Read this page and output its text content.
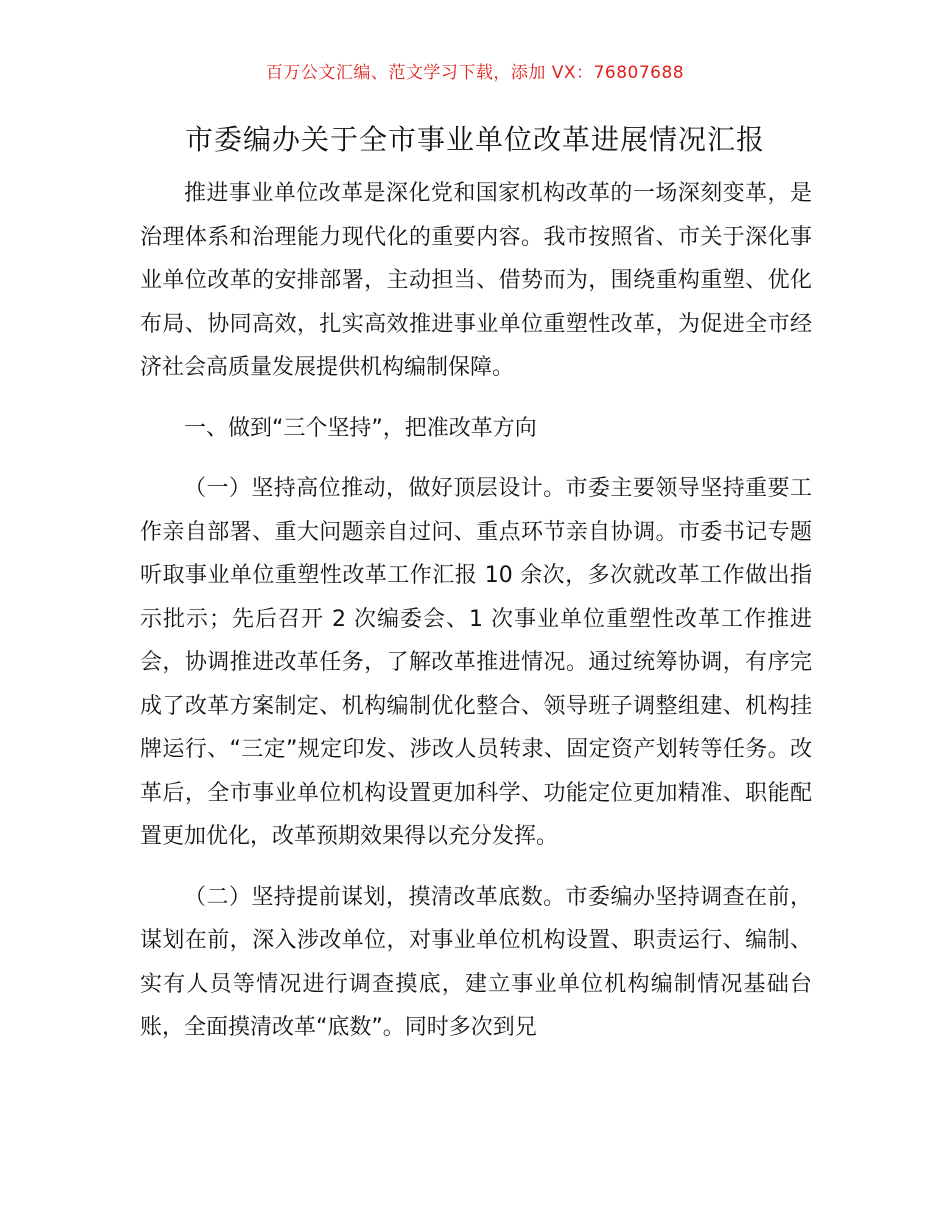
百万公文汇编、范文学习下载，添加 VX：76807688
市委编办关于全市事业单位改革进展情况汇报

推进事业单位改革是深化党和国家机构改革的一场深刻变革，是治理体系和治理能力现代化的重要内容。我市按照省、市关于深化事业单位改革的安排部署，主动担当、借势而为，围绕重构重塑、优化布局、协同高效，扎实高效推进事业单位重塑性改革，为促进全市经济社会高质量发展提供机构编制保障。

一、做到“三个坚持”，把准改革方向

（一）坚持高位推动，做好顶层设计。市委主要领导坚持重要工作亲自部署、重大问题亲自过问、重点环节亲自协调。市委书记专题听取事业单位重塑性改革工作汇报 10 余次，多次就改革工作做出指示批示；先后召开 2 次编委会、1 次事业单位重塑性改革工作推进会，协调推进改革任务，了解改革推进情况。通过统筹协调，有序完成了改革方案制定、机构编制优化整合、领导班子调整组建、机构挂牌运行、“三定”规定印发、涉改人员转隶、固定资产划转等任务。改革后，全市事业单位机构设置更加科学、功能定位更加精准、职能配置更加优化，改革预期效果得以充分发挥。

（二）坚持提前谋划，摸清改革底数。市委编办坚持调查在前，谋划在前，深入涉改单位，对事业单位机构设置、职责运行、编制、实有人员等情况进行调查摸底，建立事业单位机构编制情况基础台账，全面摸清改革“底数”。同时多次到兄
